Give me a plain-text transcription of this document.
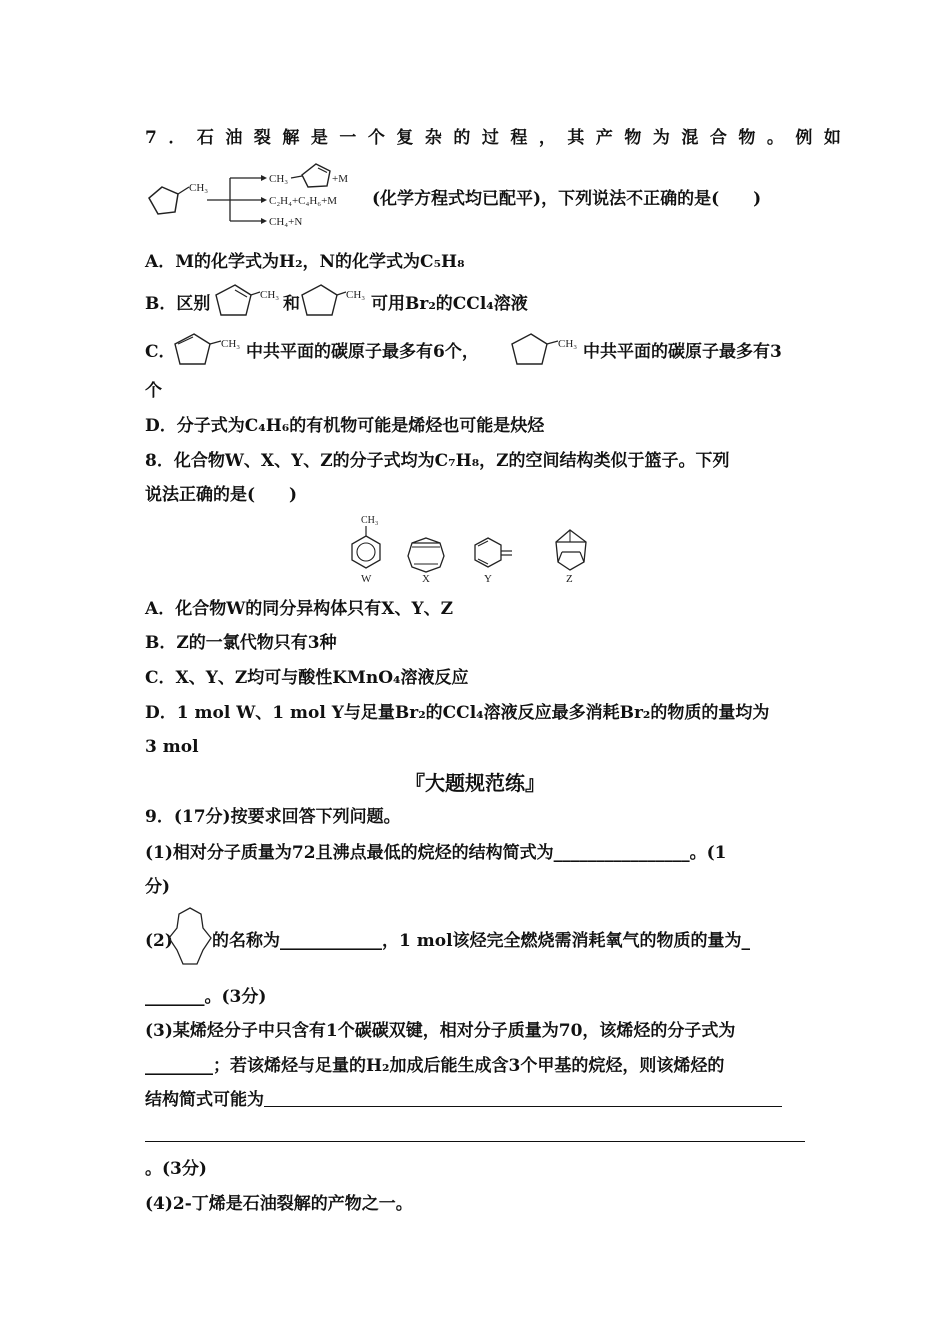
7．石油裂解是一个复杂的过程，其产物为混合物。例如
CH₃
CH₃	+M
C₂H₄+C₄H₆+M
CH₄+N
(化学方程式均已配平)，下列说法不正确的是(　　)
A．M的化学式为H₂，N的化学式为C₅H₈
B．区别	CH₃ 和	CH₃ 可用Br₂的CCl₄溶液
C．	CH₃ 中共平面的碳原子最多有6个，	CH₃ 中共平面的碳原子最多有3
个
D．分子式为C₄H₆的有机物可能是烯烃也可能是炔烃
8．化合物W、X、Y、Z的分子式均为C₇H₈，Z的空间结构类似于篮子。下列
说法正确的是(　　)
CH₃
W	X	Y	Z
A．化合物W的同分异构体只有X、Y、Z
B．Z的一氯代物只有3种
C．X、Y、Z均可与酸性KMnO₄溶液反应
D．1 mol W、1 mol Y与足量Br₂的CCl₄溶液反应最多消耗Br₂的物质的量均为
3 mol
『大题规范练』
9．(17分)按要求回答下列问题。
(1)相对分子质量为72且沸点最低的烷烃的结构简式为________________。(1
分)
(2) 的名称为____________，1 mol该烃完全燃烧需消耗氧气的物质的量为_
_______。(3分)
(3)某烯烃分子中只含有1个碳碳双键，相对分子质量为70，该烯烃的分子式为
________；若该烯烃与足量的H₂加成后能生成含3个甲基的烷烃，则该烯烃的
结构简式可能为
。(3分)
(4)2-丁烯是石油裂解的产物之一。
